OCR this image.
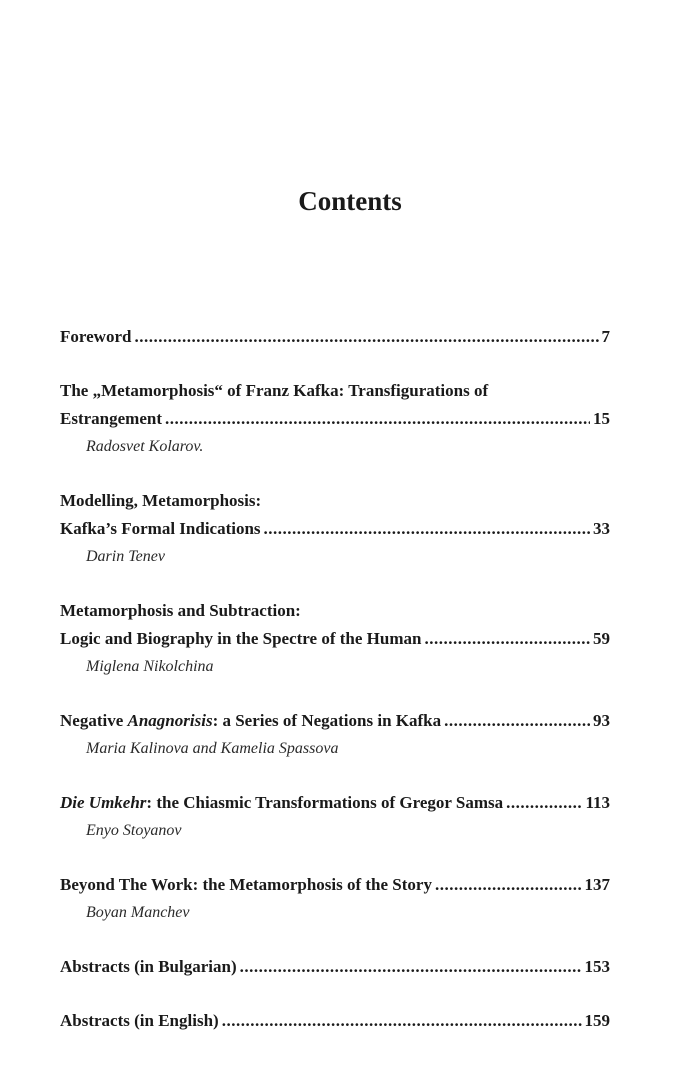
Contents
Foreword .....	7
The „Metamorphosis“ of Franz Kafka: Transfigurations of
Estrangement .....	15
Radosvet Kolarov.
Modelling, Metamorphosis:
Kafka’s Formal Indications .....	33
Darin Tenev
Metamorphosis and Subtraction:
Logic and Biography in the Spectre of the Human .....	59
Miglena Nikolchina
Negative Anagnorisis: a Series of Negations in Kafka .....	93
Maria Kalinova and Kamelia Spassova
Die Umkehr: the Chiasmic Transformations of Gregor Samsa .....	113
Enyo Stoyanov
Beyond The Work: the Metamorphosis of the Story .....	137
Boyan Manchev
Abstracts (in Bulgarian) .....	153
Abstracts (in English) .....	159
